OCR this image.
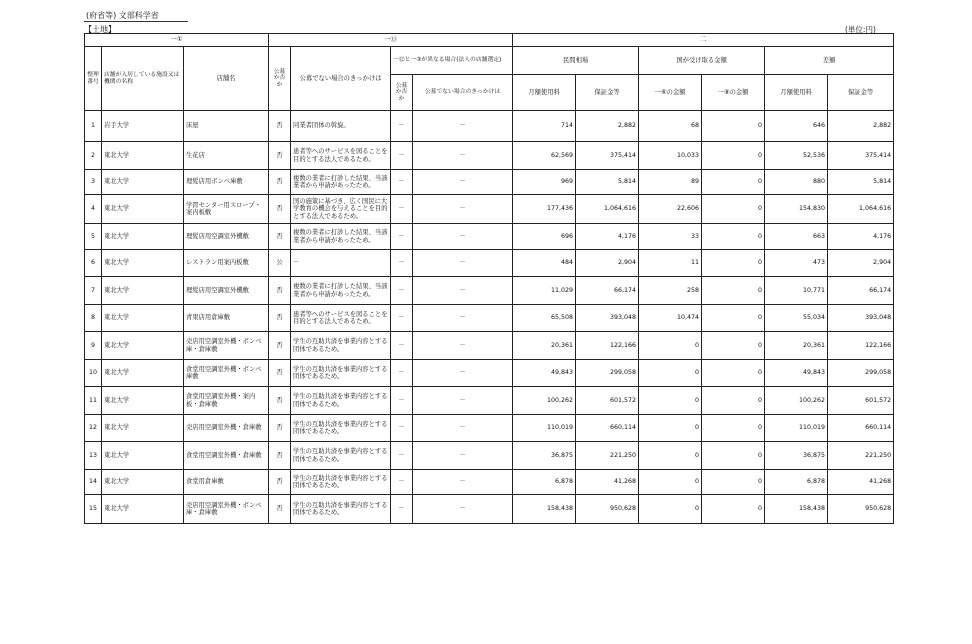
(府省等) 文部科学省
【土地】	(単位:円)
一①			一⑬				二					
整理番号	店舗が入居している施設又は機関の名称	店舗名	公募か否か	公募でない場合のきっかけは	一⑫と一③が異なる場合(法人の店舗選定)		民間相場		国が受け取る金額		差額	
					公募か否か	公募でない場合のきっかけは	月額使用料	保証金等	一⑥の金額	一⑧の金額	月額使用料	保証金等
1	岩手大学	床屋	否	同業者団体の斡旋。	－	－	714	2,882	68	0	646	2,882
2	東北大学	生花店	否	患者等へのサービスを図ることを目的とする法人であるため。	－	－	62,569	375,414	10,033	0	52,536	375,414
3	東北大学	理髪店用ボンベ庫敷	否	複数の業者に打診した結果、当該業者から申請があったため。	－	－	969	5,814	89	0	880	5,814
4	東北大学	学習センター用スロープ・案内板敷	否	国の施策に基づき、広く国民に大学教育の機会を与えることを目的とする法人であるため。	－	－	177,436	1,064,616	22,606	0	154,830	1,064,616
5	東北大学	理髪店用空調室外機敷	否	複数の業者に打診した結果、当該業者から申請があったため。	－	－	696	4,176	33	0	663	4,176
6	東北大学	レストラン用案内板敷	公	－	－	－	484	2,904	11	0	473	2,904
7	東北大学	理髪店用空調室外機敷	否	複数の業者に打診した結果、当該業者から申請があったため。	－	－	11,029	66,174	258	0	10,771	66,174
8	東北大学	青果店用倉庫敷	否	患者等へのサービスを図ることを目的とする法人であるため。	－	－	65,508	393,048	10,474	0	55,034	393,048
9	東北大学	売店用空調室外機・ボンベ庫・倉庫敷	否	学生の互助共済を事業内容とする団体であるため。	－	－	20,361	122,166	0	0	20,361	122,166
10	東北大学	食堂用空調室外機・ボンベ庫敷	否	学生の互助共済を事業内容とする団体であるため。	－	－	49,843	299,058	0	0	49,843	299,058
11	東北大学	食堂用空調室外機・案内板・倉庫敷	否	学生の互助共済を事業内容とする団体であるため。	－	－	100,262	601,572	0	0	100,262	601,572
12	東北大学	売店用空調室外機・倉庫敷	否	学生の互助共済を事業内容とする団体であるため。	－	－	110,019	660,114	0	0	110,019	660,114
13	東北大学	食堂用空調室外機・倉庫敷	否	学生の互助共済を事業内容とする団体であるため。	－	－	36,875	221,250	0	0	36,875	221,250
14	東北大学	食堂用倉庫敷	否	学生の互助共済を事業内容とする団体であるため。	－	－	6,878	41,268	0	0	6,878	41,268
15	東北大学	売店用空調室外機・ボンベ庫・倉庫敷	否	学生の互助共済を事業内容とする団体であるため。	－	－	158,438	950,628	0	0	158,438	950,628
